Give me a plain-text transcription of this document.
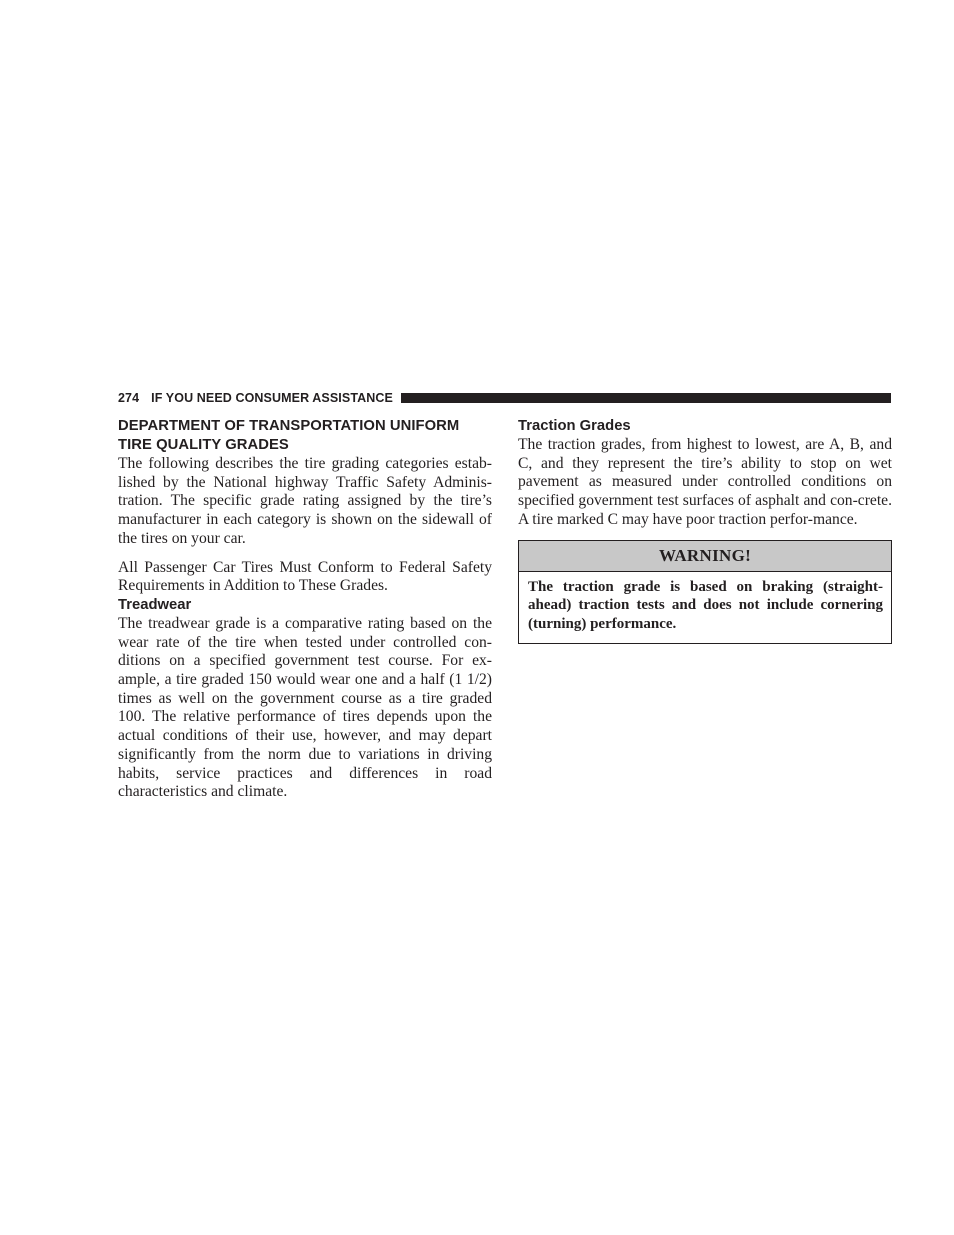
274 IF YOU NEED CONSUMER ASSISTANCE
DEPARTMENT OF TRANSPORTATION UNIFORM TIRE QUALITY GRADES

The following describes the tire grading categories estab-lished by the National highway Traffic Safety Adminis-tration. The specific grade rating assigned by the tire’s manufacturer in each category is shown on the sidewall of the tires on your car.

All Passenger Car Tires Must Conform to Federal Safety Requirements in Addition to These Grades.

Treadwear

The treadwear grade is a comparative rating based on the wear rate of the tire when tested under controlled con-ditions on a specified government test course. For ex-ample, a tire graded 150 would wear one and a half (1 1/2) times as well on the government course as a tire graded 100. The relative performance of tires depends upon the actual conditions of their use, however, and may depart significantly from the norm due to variations in driving habits, service practices and differences in road characteristics and climate.

Traction Grades

The traction grades, from highest to lowest, are A, B, and C, and they represent the tire’s ability to stop on wet pavement as measured under controlled conditions on specified government test surfaces of asphalt and con-crete. A tire marked C may have poor traction perfor-mance.

WARNING!
The traction grade is based on braking (straight-ahead) traction tests and does not include cornering (turning) performance.
